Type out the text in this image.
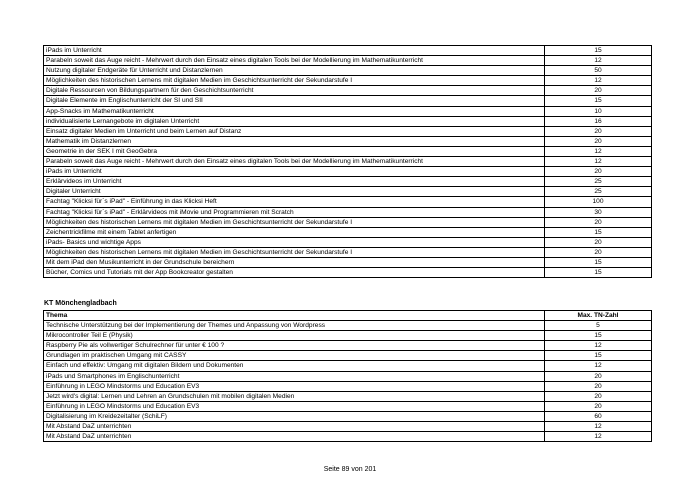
iPads im Unterricht	15
Parabeln soweit das Auge reicht - Mehrwert durch den Einsatz eines digitalen Tools bei der Modellierung im Mathematikunterricht	12
Nutzung digitaler Endgeräte für Unterricht und Distanzlernen	50
Möglichkeiten des historischen Lernens mit digitalen Medien im Geschichtsunterricht der Sekundarstufe I	12
Digitale Ressourcen von Bildungspartnern für den Geschichtsunterricht	20
Digitale Elemente im Englischunterricht der SI und SII	15
App-Snacks im Mathematikunterricht	10
individualisierte Lernangebote im digitalen Unterricht	16
Einsatz digitaler Medien im Unterricht und beim Lernen auf Distanz	20
Mathematik im Distanzlernen	20
Geometrie in der SEK I mit GeoGebra	12
Parabeln soweit das Auge reicht - Mehrwert durch den Einsatz eines digitalen Tools bei der Modellierung im Mathematikunterricht	12
iPads im Unterricht	20
Erklärvideos im Unterricht	25
Digitaler Unterricht	25
Fachtag "Klicksi für´s iPad" - Einführung in das Klicksi Heft	100
Fachtag "Klicksi für´s iPad" - Erklärvideos mit iMovie und Programmieren mit Scratch	30
Möglichkeiten des historischen Lernens mit digitalen Medien im Geschichtsunterricht der Sekundarstufe I	20
Zeichentrickfilme mit einem Tablet anfertigen	15
iPads- Basics und wichtige Apps	20
Möglichkeiten des historischen Lernens mit digitalen Medien im Geschichtsunterricht der Sekundarstufe I	20
Mit dem iPad den Musikunterricht in der Grundschule bereichern	15
Bücher, Comics und Tutorials mit der App Bookcreator gestalten	15
KT Mönchengladbach
Thema	Max. TN-Zahl
Technische Unterstützung bei der Implementierung der Themes und Anpassung von Wordpress	5
Mikrocontroller Teil E (Physik)	15
Raspberry Pie als vollwertiger Schulrechner für unter € 100 ?	12
Grundlagen im praktischen Umgang mit CASSY	15
Einfach und effektiv: Umgang mit digitalen Bildern und Dokumenten	12
iPads und Smartphones im Englischunterricht	20
Einführung in LEGO Mindstorms und Education EV3	20
Jetzt wird's digital: Lernen und Lehren an Grundschulen mit mobilen digitalen Medien	20
Einführung in LEGO Mindstorms und Education EV3	20
Digitalisierung im Kreidezeitalter (SchiLF)	60
Mit Abstand DaZ unterrichten	12
Mit Abstand DaZ unterrichten	12
Seite 89 von 201
